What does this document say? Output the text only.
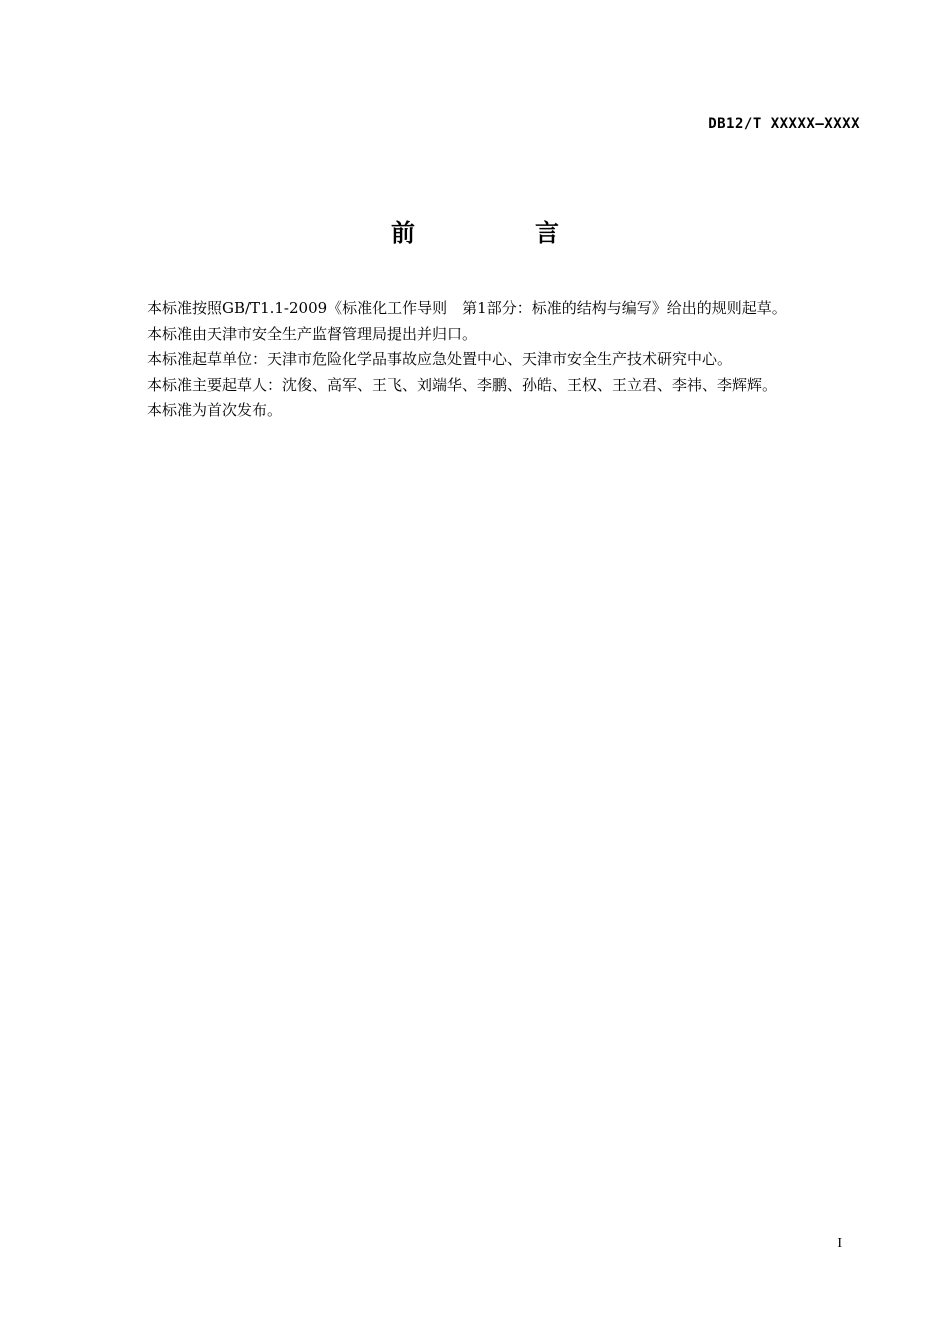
DB12/T XXXXX—XXXX
前　言

本标准按照GB/T1.1-2009《标准化工作导则　第1部分：标准的结构与编写》给出的规则起草。

本标准由天津市安全生产监督管理局提出并归口。

本标准起草单位：天津市危险化学品事故应急处置中心、天津市安全生产技术研究中心。

本标准主要起草人：沈俊、高军、王飞、刘端华、李鹏、孙皓、王权、王立君、李祎、李辉辉。

本标准为首次发布。

I
